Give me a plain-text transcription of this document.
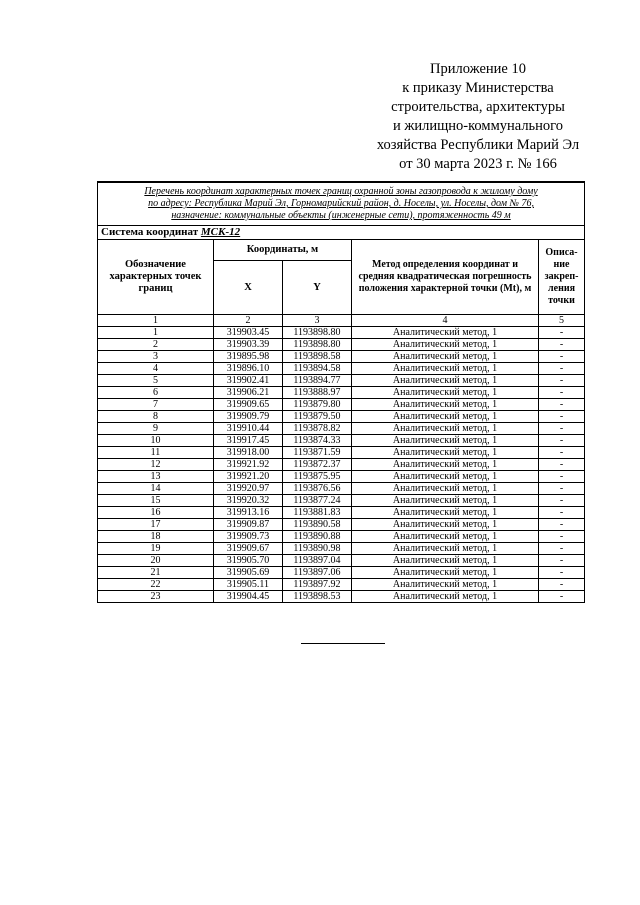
Приложение 10
к приказу Министерства
строительства, архитектуры
и жилищно-коммунального
хозяйства Республики Марий Эл
от 30 марта 2023 г. № 166
Перечень координат характерных точек границ охранной зоны газопровода к жилому дому
по адресу: Республика Марий Эл, Горномарийский район, д. Носелы, ул. Носелы, дом № 76,
назначение: коммунальные объекты (инженерные сети), протяженность 49 м				

Система координат МСК-12				
Обозначение характерных точек границ	Координаты, м		Метод определения координат и средняя квадратическая погрешность положения характерной точки (Mt), м	Описа-ние закреп-ления точки
	X	Y		
1	2	3	4	5
1	319903.45	1193898.80	Аналитический метод, 1	-
2	319903.39	1193898.80	Аналитический метод, 1	-
3	319895.98	1193898.58	Аналитический метод, 1	-
4	319896.10	1193894.58	Аналитический метод, 1	-
5	319902.41	1193894.77	Аналитический метод, 1	-
6	319906.21	1193888.97	Аналитический метод, 1	-
7	319909.65	1193879.80	Аналитический метод, 1	-
8	319909.79	1193879.50	Аналитический метод, 1	-
9	319910.44	1193878.82	Аналитический метод, 1	-
10	319917.45	1193874.33	Аналитический метод, 1	-
11	319918.00	1193871.59	Аналитический метод, 1	-
12	319921.92	1193872.37	Аналитический метод, 1	-
13	319921.20	1193875.95	Аналитический метод, 1	-
14	319920.97	1193876.56	Аналитический метод, 1	-
15	319920.32	1193877.24	Аналитический метод, 1	-
16	319913.16	1193881.83	Аналитический метод, 1	-
17	319909.87	1193890.58	Аналитический метод, 1	-
18	319909.73	1193890.88	Аналитический метод, 1	-
19	319909.67	1193890.98	Аналитический метод, 1	-
20	319905.70	1193897.04	Аналитический метод, 1	-
21	319905.69	1193897.06	Аналитический метод, 1	-
22	319905.11	1193897.92	Аналитический метод, 1	-
23	319904.45	1193898.53	Аналитический метод, 1	-
